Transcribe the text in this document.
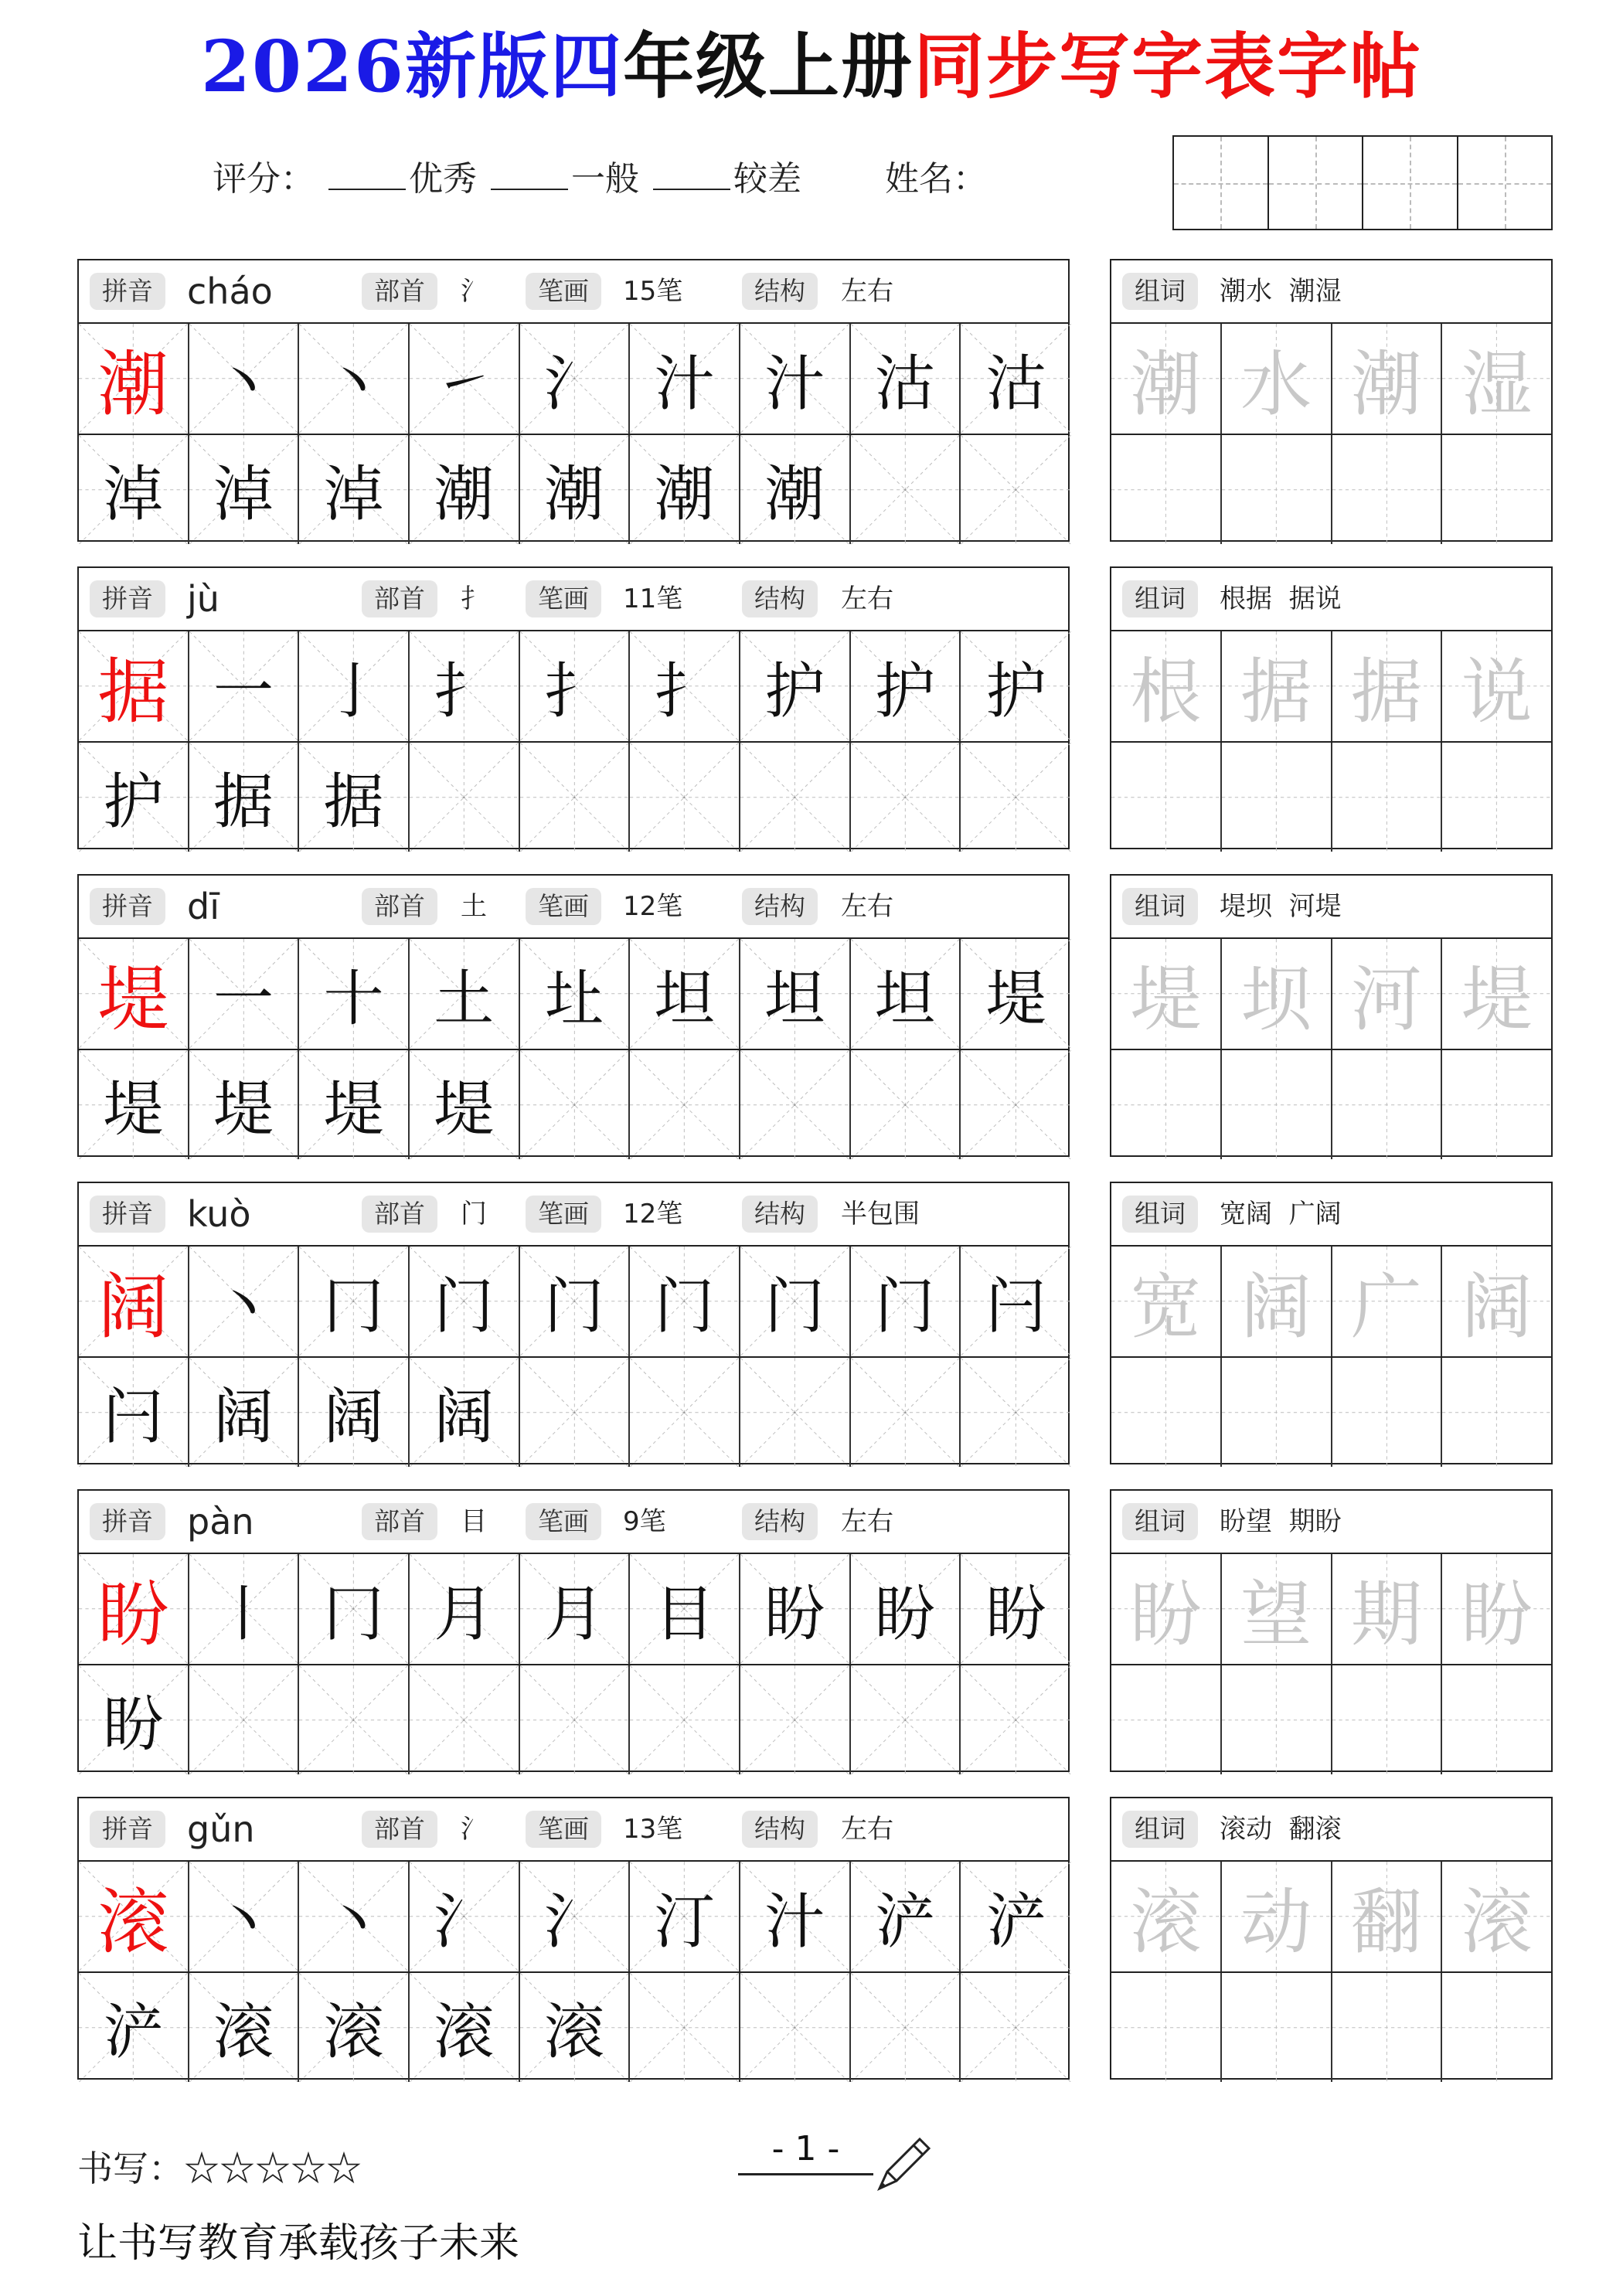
2026新版四年级上册同步写字表字帖
评分：	优秀	一般	较差 姓名：
拼音 cháo	部首	氵	笔画	15笔	结构	左右
潮 丶 丶 ㇀ 氵 汁 汁 沽 沽
淖 淖 淖 潮 潮 潮 潮
组词	潮水  潮湿
潮 水 潮 湿
拼音 jù	部首	扌	笔画	11笔	结构	左右
据 一 亅 扌 扌 扌 护 护 护
护 据 据
组词	根据  据说
根 据 据 说
拼音 dī	部首	土	笔画	12笔	结构	左右
堤 一 十 土 圵 坦 坦 坦 堤
堤 堤 堤 堤
组词	堤坝  河堤
堤 坝 河 堤
拼音 kuò	部首	门	笔画	12笔	结构	半包围
阔 丶 冂 门 门 门 门 门 闩
闩 阔 阔 阔
组词	宽阔  广阔
宽 阔 广 阔
拼音 pàn	部首	目	笔画	9笔	结构	左右
盼 丨 冂 月 月 目 盼 盼 盼
盼
组词	盼望  期盼
盼 望 期 盼
拼音 gǔn	部首	氵	笔画	13笔	结构	左右
滚 丶 丶 氵 氵 汀 汁 浐 浐
浐 滚 滚 滚 滚
组词	滚动  翻滚
滚 动 翻 滚
书写：☆☆☆☆☆	- 1 -
让书写教育承载孩子未来
